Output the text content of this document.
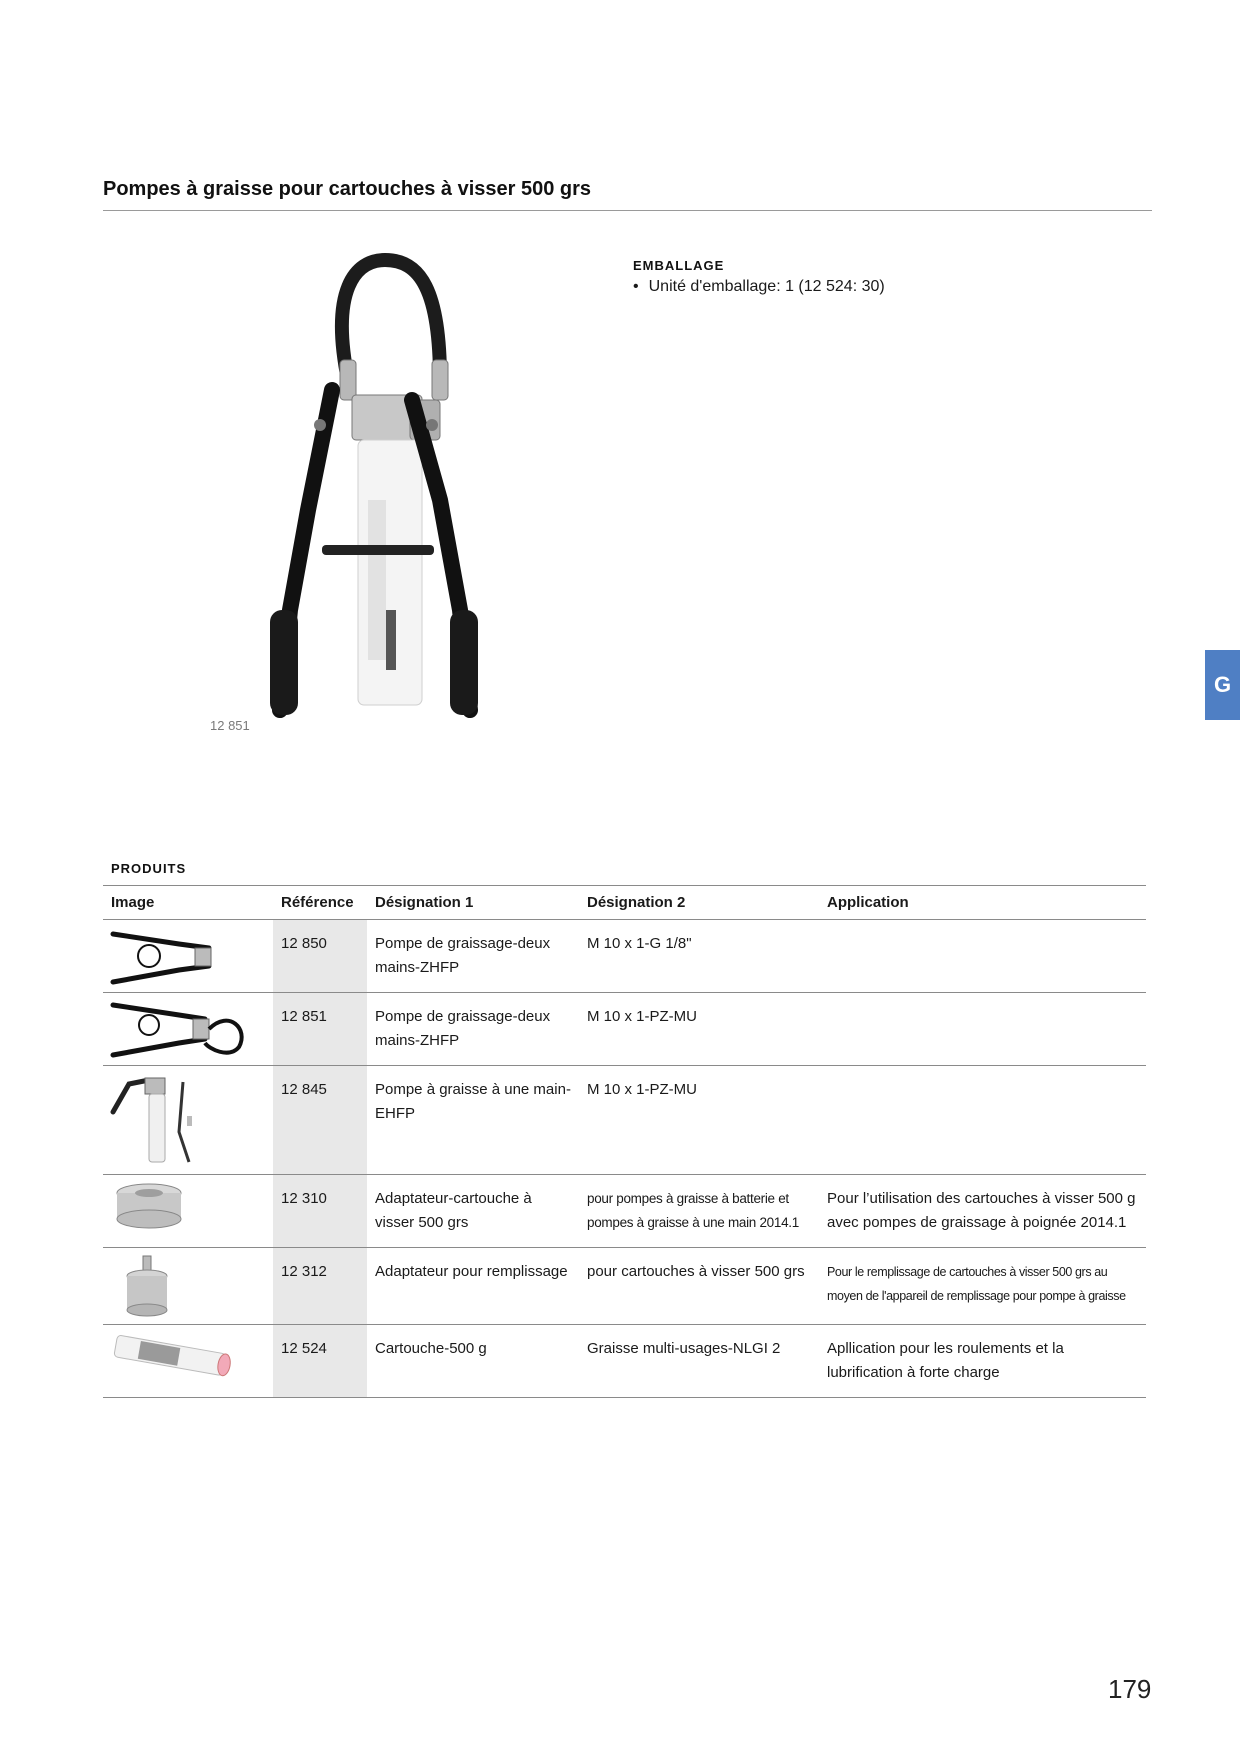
Pompes à graisse pour cartouches à visser 500 grs
12 851
EMBALLAGE
• Unité d'emballage: 1 (12 524: 30)
G
PRODUITS
Image	Référence	Désignation 1	Désignation 2	Application

	12 850	Pompe de graissage-deux mains-ZHFP	M 10 x 1-G 1/8"	

	12 851	Pompe de graissage-deux mains-ZHFP	M 10 x 1-PZ-MU	

	12 845	Pompe à graisse à une main-EHFP	M 10 x 1-PZ-MU	

	12 310	Adaptateur-cartouche à visser 500 grs	pour pompes à graisse à batterie et pompes à graisse à une main 2014.1	Pour l’utilisation des cartouches à visser 500 g avec pompes de graissage à poignée 2014.1

	12 312	Adaptateur pour remplissage	pour cartouches à visser 500 grs	Pour le remplissage de cartouches à visser 500 grs au moyen de l'appareil de remplissage pour pompe à graisse

	12 524	Cartouche-500 g	Graisse multi-usages-NLGI 2	Apllication pour les roulements et la lubrification à forte charge
179
